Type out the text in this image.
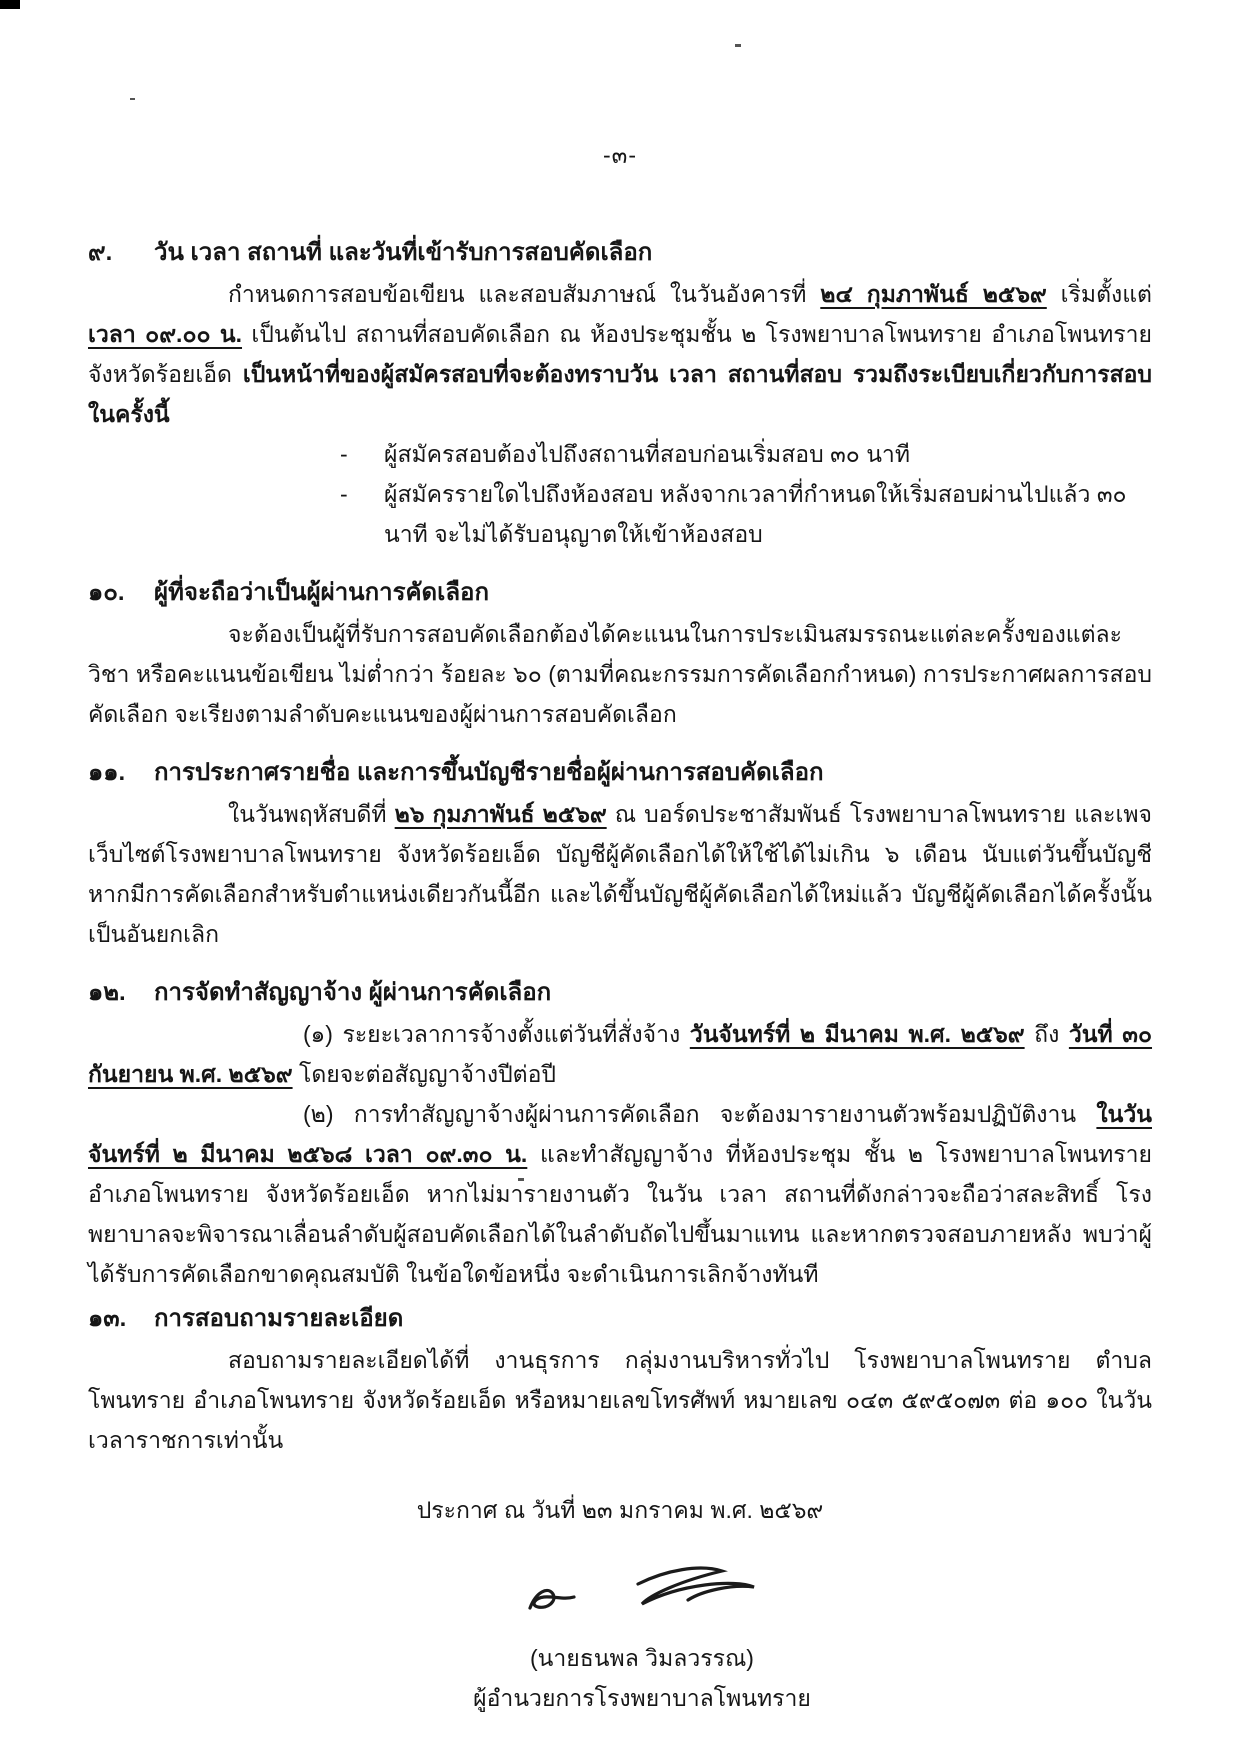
-๓-
๙.	วัน เวลา สถานที่ และวันที่เข้ารับการสอบคัดเลือก
กำหนดการสอบข้อเขียน และสอบสัมภาษณ์ ในวันอังคารที่ ๒๔ กุมภาพันธ์ ๒๕๖๙ เริ่มตั้งแต่ เวลา ๐๙.๐๐ น. เป็นต้นไป สถานที่สอบคัดเลือก ณ ห้องประชุมชั้น ๒ โรงพยาบาลโพนทราย อำเภอโพนทราย จังหวัดร้อยเอ็ด เป็นหน้าที่ของผู้สมัครสอบที่จะต้องทราบวัน เวลา สถานที่สอบ รวมถึงระเบียบเกี่ยวกับการสอบในครั้งนี้
-	ผู้สมัครสอบต้องไปถึงสถานที่สอบก่อนเริ่มสอบ ๓๐ นาที
-	ผู้สมัครรายใดไปถึงห้องสอบ หลังจากเวลาที่กำหนดให้เริ่มสอบผ่านไปแล้ว ๓๐ นาที จะไม่ได้รับอนุญาตให้เข้าห้องสอบ
๑๐.	ผู้ที่จะถือว่าเป็นผู้ผ่านการคัดเลือก
จะต้องเป็นผู้ที่รับการสอบคัดเลือกต้องได้คะแนนในการประเมินสมรรถนะแต่ละครั้งของแต่ละวิชา หรือคะแนนข้อเขียน ไม่ต่ำกว่า ร้อยละ ๖๐ (ตามที่คณะกรรมการคัดเลือกกำหนด) การประกาศผลการสอบคัดเลือก จะเรียงตามลำดับคะแนนของผู้ผ่านการสอบคัดเลือก
๑๑.	การประกาศรายชื่อ และการขึ้นบัญชีรายชื่อผู้ผ่านการสอบคัดเลือก
ในวันพฤหัสบดีที่ ๒๖ กุมภาพันธ์ ๒๕๖๙ ณ บอร์ดประชาสัมพันธ์ โรงพยาบาลโพนทราย และเพจเว็บไซต์โรงพยาบาลโพนทราย จังหวัดร้อยเอ็ด บัญชีผู้คัดเลือกได้ให้ใช้ได้ไม่เกิน ๖ เดือน นับแต่วันขึ้นบัญชี หากมีการคัดเลือกสำหรับตำแหน่งเดียวกันนี้อีก และได้ขึ้นบัญชีผู้คัดเลือกได้ใหม่แล้ว บัญชีผู้คัดเลือกได้ครั้งนั้นเป็นอันยกเลิก
๑๒.	การจัดทำสัญญาจ้าง ผู้ผ่านการคัดเลือก
(๑) ระยะเวลาการจ้างตั้งแต่วันที่สั่งจ้าง วันจันทร์ที่ ๒ มีนาคม พ.ศ. ๒๕๖๙ ถึง วันที่ ๓๐ กันยายน พ.ศ. ๒๕๖๙ โดยจะต่อสัญญาจ้างปีต่อปี
(๒) การทำสัญญาจ้างผู้ผ่านการคัดเลือก จะต้องมารายงานตัวพร้อมปฏิบัติงาน ในวันจันทร์ที่ ๒ มีนาคม ๒๕๖๘ เวลา ๐๙.๓๐ น. และทำสัญญาจ้าง ที่ห้องประชุม ชั้น ๒ โรงพยาบาลโพนทราย อำเภอโพนทราย จังหวัดร้อยเอ็ด หากไม่มารายงานตัว ในวัน เวลา สถานที่ดังกล่าวจะถือว่าสละสิทธิ์ โรงพยาบาลจะพิจารณาเลื่อนลำดับผู้สอบคัดเลือกได้ในลำดับถัดไปขึ้นมาแทน และหากตรวจสอบภายหลัง พบว่าผู้ได้รับการคัดเลือกขาดคุณสมบัติ ในข้อใดข้อหนึ่ง จะดำเนินการเลิกจ้างทันที
๑๓.	การสอบถามรายละเอียด
สอบถามรายละเอียดได้ที่ งานธุรการ กลุ่มงานบริหารทั่วไป โรงพยาบาลโพนทราย ตำบลโพนทราย อำเภอโพนทราย จังหวัดร้อยเอ็ด หรือหมายเลขโทรศัพท์ หมายเลข ๐๔๓ ๕๙๕๐๗๓ ต่อ ๑๐๐ ในวัน เวลาราชการเท่านั้น
ประกาศ ณ วันที่ ๒๓ มกราคม พ.ศ. ๒๕๖๙
(นายธนพล วิมลวรรณ)
ผู้อำนวยการโรงพยาบาลโพนทราย
